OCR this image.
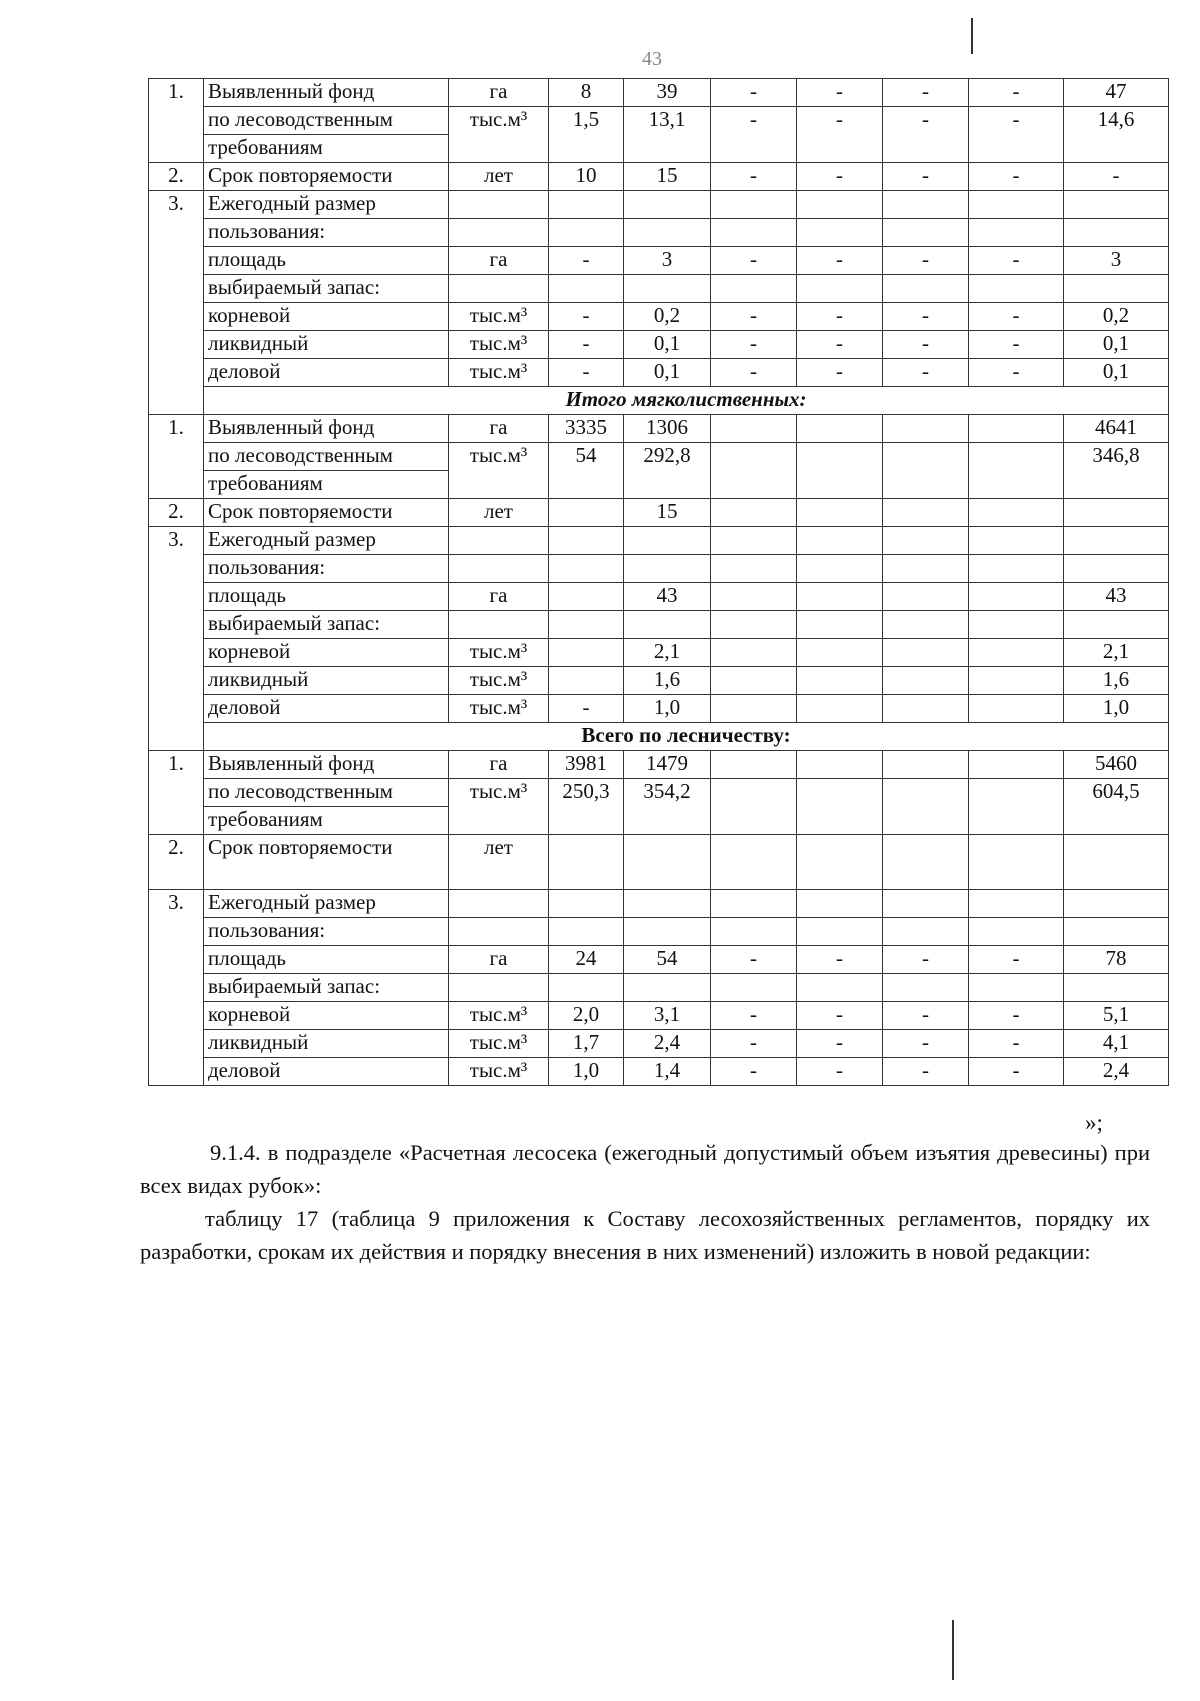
43
1.	Выявленный фонд	га	8	39	-	-	-	-	47
	по лесоводственным	тыс.м³	1,5	13,1	-	-	-	-	14,6
	требованиям								
2.	Срок повторяемости	лет	10	15	-	-	-	-	-
3.	Ежегодный размер								
	пользования:								
	площадь	га	-	3	-	-	-	-	3
	выбираемый запас:								
	корневой	тыс.м³	-	0,2	-	-	-	-	0,2
	ликвидный	тыс.м³	-	0,1	-	-	-	-	0,1
	деловой	тыс.м³	-	0,1	-	-	-	-	0,1
	Итого мягколиственных:								
1.	Выявленный фонд	га	3335	1306					4641
	по лесоводственным	тыс.м³	54	292,8					346,8
	требованиям								
2.	Срок повторяемости	лет		15					
3.	Ежегодный размер								
	пользования:								
	площадь	га		43					43
	выбираемый запас:								
	корневой	тыс.м³		2,1					2,1
	ликвидный	тыс.м³		1,6					1,6
	деловой	тыс.м³	-	1,0					1,0
	Всего по лесничеству:								
1.	Выявленный фонд	га	3981	1479					5460
	по лесоводственным	тыс.м³	250,3	354,2					604,5
	требованиям								
2.	Срок повторяемости	лет							
3.	Ежегодный размер								
	пользования:								
	площадь	га	24	54	-	-	-	-	78
	выбираемый запас:								
	корневой	тыс.м³	2,0	3,1	-	-	-	-	5,1
	ликвидный	тыс.м³	1,7	2,4	-	-	-	-	4,1
	деловой	тыс.м³	1,0	1,4	-	-	-	-	2,4
»;
9.1.4. в подразделе «Расчетная лесосека (ежегодный допустимый объем изъятия древесины) при всех видах рубок»:
таблицу 17 (таблица 9 приложения к Составу лесохозяйственных регламентов, порядку их разработки, срокам их действия и порядку внесения в них изменений) изложить в новой редакции:
